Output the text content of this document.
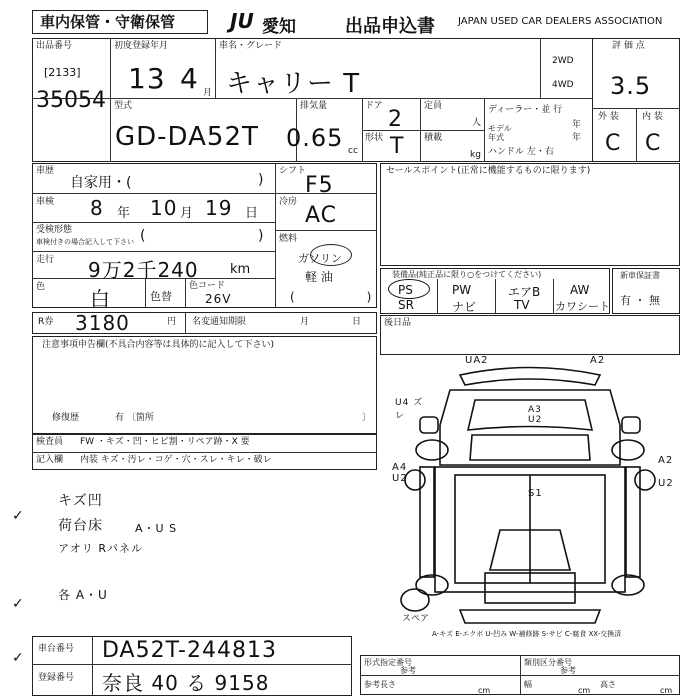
車内保管・守衛保管	JU 愛知	出品申込書 JAPAN USED CAR DEALERS ASSOCIATION
出品番号
[2133]
35054
初度登録年月
13 4 月
車名・グレード
キャリー T
2WD
4WD
評 価 点
3.5
型式
GD-DA52T
排気量
0.65 cc
ドア
2
形状 T
定員
人
積載
kg
ディーラー・並 行
モデル 年式
年
年
ハンドル 左・右
外 装	内 装
C C
車歴
自家用・(	)
車検 8 年 10 月 19 日
受検形態
車検付きの場合記入して下さい (	)
走行 9万2千240 km
色 白	色替
色コード
26V
シフト
F5
冷房
AC
燃料
ガソリン
軽 油
(　　　　　　)
セールスポイント(正常に機能するものに限ります)
装備品(純正品に限り○をつけてください)
PS	PW	エアB AW
SR	ナビ	TV カワシート
新車保証書
有 ・ 無
R券 3180	円 名変通知期限	月	日	後日品
注意事項申告欄(不具合内容等は具体的に記入して下さい)
修復歴	有 〔箇所	〕
検査員
記入欄
FW ・キズ・凹・ヒビ割・リペア跡・X 要
内装 キズ・汚レ・コゲ・穴・スレ・キレ・破レ
キズ凹
荷台床
アオリ Rパネル
A・U S
各 A・U
✓
✓
✓
UA2	A2
U4 ズレ
A3 U2
A4 U2
A2
U2
S1
スペア
A-キズ E-エクボ U-凹み W-補修跡 S-サビ C-腐食 XX-交換済
車台番号 DA52T-244813
登録番号 奈良 40 る 9158
形式指定番号
参考
類別区分番号
参考
参考 長さ
cm
幅
cm
高さ
cm
